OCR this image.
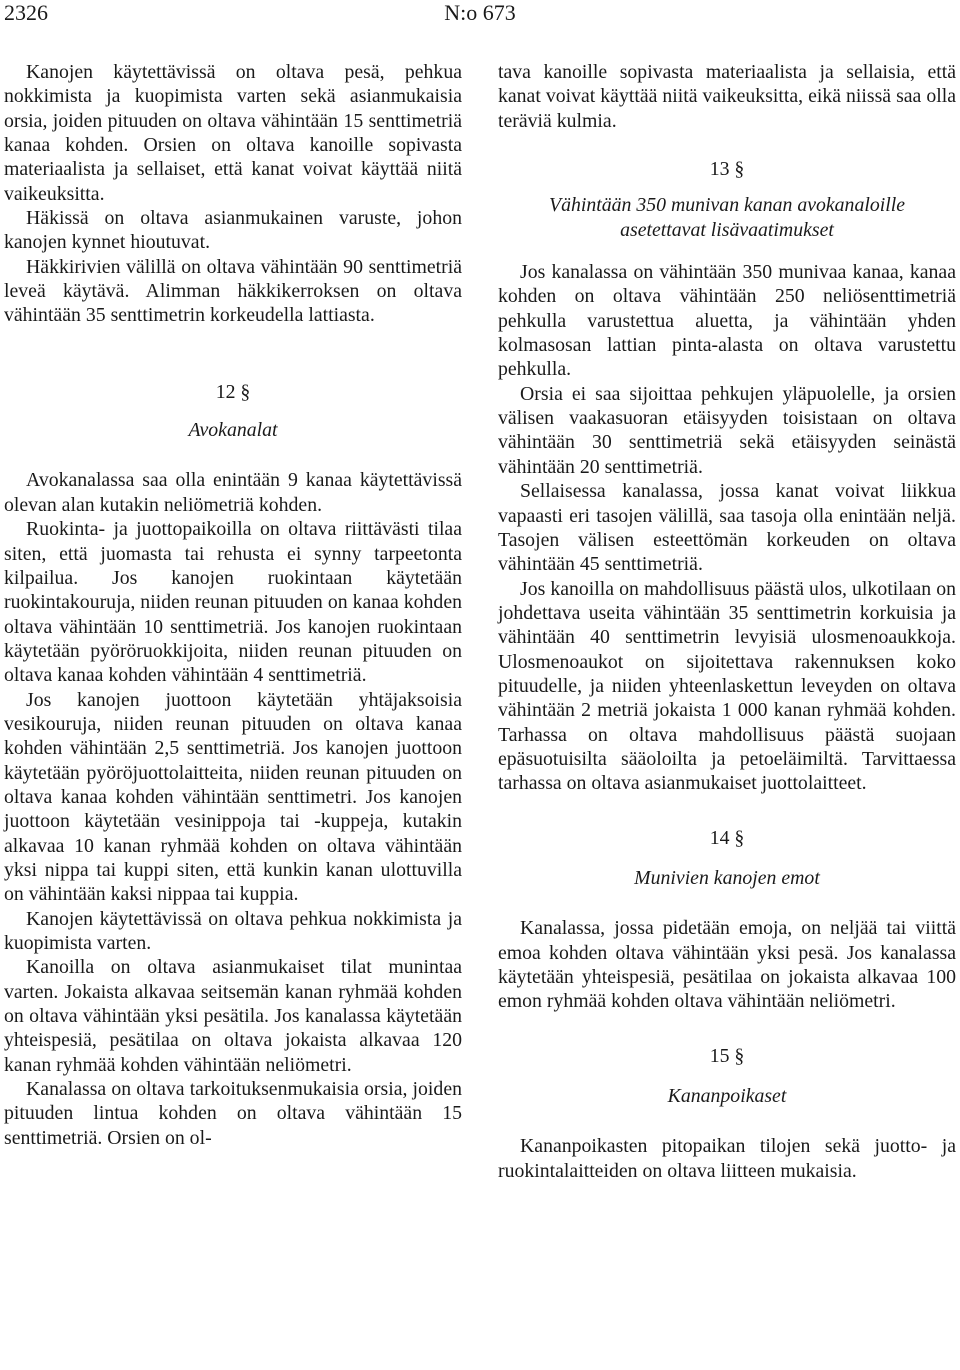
2326	N:o 673

Kanojen käytettävissä on oltava pesä, pehkua nokkimista ja kuopimista varten sekä asianmukaisia orsia, joiden pituuden on oltava vähintään 15 senttimetriä kanaa kohden. Orsien on oltava kanoille sopivasta materiaalista ja sellaiset, että kanat voivat käyttää niitä vaikeuksitta.

Häkissä on oltava asianmukainen varuste, johon kanojen kynnet hioutuvat.

Häkkirivien välillä on oltava vähintään 90 senttimetriä leveä käytävä. Alimman häkkikerroksen on oltava vähintään 35 senttimetrin korkeudella lattiasta.

12 §

Avokanalat

Avokanalassa saa olla enintään 9 kanaa käytettävissä olevan alan kutakin neliömetriä kohden.

Ruokinta- ja juottopaikoilla on oltava riittävästi tilaa siten, että juomasta tai rehusta ei synny tarpeetonta kilpailua. Jos kanojen ruokintaan käytetään ruokintakouruja, niiden reunan pituuden on kanaa kohden oltava vähintään 10 senttimetriä. Jos kanojen ruokintaan käytetään pyöröruokkijoita, niiden reunan pituuden on oltava kanaa kohden vähintään 4 senttimetriä.

Jos kanojen juottoon käytetään yhtäjaksoisia vesikouruja, niiden reunan pituuden on oltava kanaa kohden vähintään 2,5 senttimetriä. Jos kanojen juottoon käytetään pyöröjuottolaitteita, niiden reunan pituuden on oltava kanaa kohden vähintään senttimetri. Jos kanojen juottoon käytetään vesinippoja tai -kuppeja, kutakin alkavaa 10 kanan ryhmää kohden on oltava vähintään yksi nippa tai kuppi siten, että kunkin kanan ulottuvilla on vähintään kaksi nippaa tai kuppia.

Kanojen käytettävissä on oltava pehkua nokkimista ja kuopimista varten.

Kanoilla on oltava asianmukaiset tilat munintaa varten. Jokaista alkavaa seitsemän kanan ryhmää kohden on oltava vähintään yksi pesätila. Jos kanalassa käytetään yhteispesiä, pesätilaa on oltava jokaista alkavaa 120 kanan ryhmää kohden vähintään neliömetri.

Kanalassa on oltava tarkoituksenmukaisia orsia, joiden pituuden lintua kohden on oltava vähintään 15 senttimetriä. Orsien on ol-

tava kanoille sopivasta materiaalista ja sellaisia, että kanat voivat käyttää niitä vaikeuksitta, eikä niissä saa olla teräviä kulmia.

13 §

Vähintään 350 munivan kanan avokanaloille

asetettavat lisävaatimukset

Jos kanalassa on vähintään 350 munivaa kanaa, kanaa kohden on oltava vähintään 250 neliösenttimetriä pehkulla varustettua aluetta, ja vähintään yhden kolmasosan lattian pinta-alasta on oltava varustettu pehkulla.

Orsia ei saa sijoittaa pehkujen yläpuolelle, ja orsien välisen vaakasuoran etäisyyden toisistaan on oltava vähintään 30 senttimetriä sekä etäisyyden seinästä vähintään 20 senttimetriä.

Sellaisessa kanalassa, jossa kanat voivat liikkua vapaasti eri tasojen välillä, saa tasoja olla enintään neljä. Tasojen välisen esteettömän korkeuden on oltava vähintään 45 senttimetriä.

Jos kanoilla on mahdollisuus päästä ulos, ulkotilaan on johdettava useita vähintään 35 senttimetrin korkuisia ja vähintään 40 senttimetrin levyisiä ulosmenoaukkoja. Ulosmenoaukot on sijoitettava rakennuksen koko pituudelle, ja niiden yhteenlaskettun leveyden on oltava vähintään 2 metriä jokaista 1 000 kanan ryhmää kohden. Tarhassa on oltava mahdollisuus päästä suojaan epäsuotuisilta sääoloilta ja petoeläimiltä. Tarvittaessa tarhassa on oltava asianmukaiset juottolaitteet.

14 §

Munivien kanojen emot

Kanalassa, jossa pidetään emoja, on neljää tai viittä emoa kohden oltava vähintään yksi pesä. Jos kanalassa käytetään yhteispesiä, pesätilaa on jokaista alkavaa 100 emon ryhmää kohden oltava vähintään neliömetri.

15 §

Kananpoikaset

Kananpoikasten pitopaikan tilojen sekä juotto- ja ruokintalaitteiden on oltava liitteen mukaisia.
